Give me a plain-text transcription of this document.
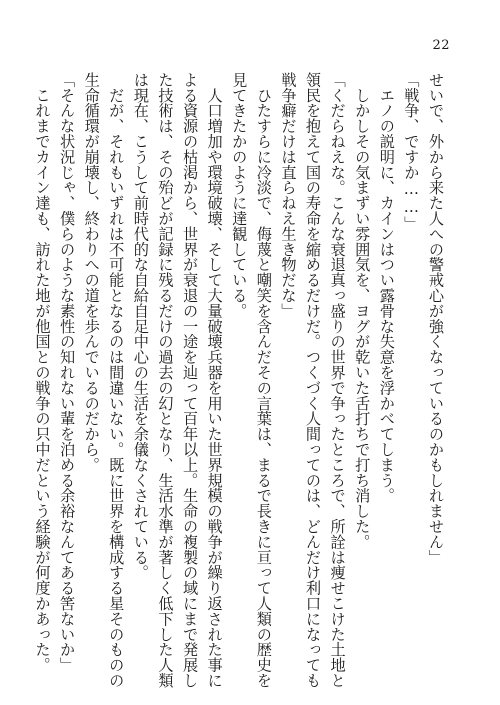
22
せいで、外から来た人への警戒心が強くなっているのかもしれません」
「戦争、ですか……」
　エノの説明に、カインはつい露骨な失意を浮かべてしまう。
　しかしその気まずい雰囲気を、ヨグが乾いた舌打ちで打ち消した。
「くだらねえな。こんな衰退真っ盛りの世界で争ったところで、所詮は痩せこけた土地と
領民を抱えて国の寿命を縮めるだけだ。つくづく人間ってのは、どんだけ利口になっても
戦争癖だけは直らねえ生き物だな」
　ひたすらに冷淡で、侮蔑と嘲笑を含んだその言葉は、まるで長きに亘って人類の歴史を
見てきたかのように達観している。
　人口増加や環境破壊、そして大量破壊兵器を用いた世界規模の戦争が繰り返された事に
よる資源の枯渇から、世界が衰退の一途を辿って百年以上。生命の複製の域にまで発展し
た技術は、その殆どが記録に残るだけの過去の幻となり、生活水準が著しく低下した人類
は現在、こうして前時代的な自給自足中心の生活を余儀なくされている。
　だが、それもいずれは不可能となるのは間違いない。既に世界を構成する星そのものの
生命循環が崩壊し、終わりへの道を歩んでいるのだから。
「そんな状況じゃ、僕らのような素性の知れない輩を泊める余裕なんてある筈ないか」
　これまでカイン達も、訪れた地が他国との戦争の只中だという経験が何度かあった。
